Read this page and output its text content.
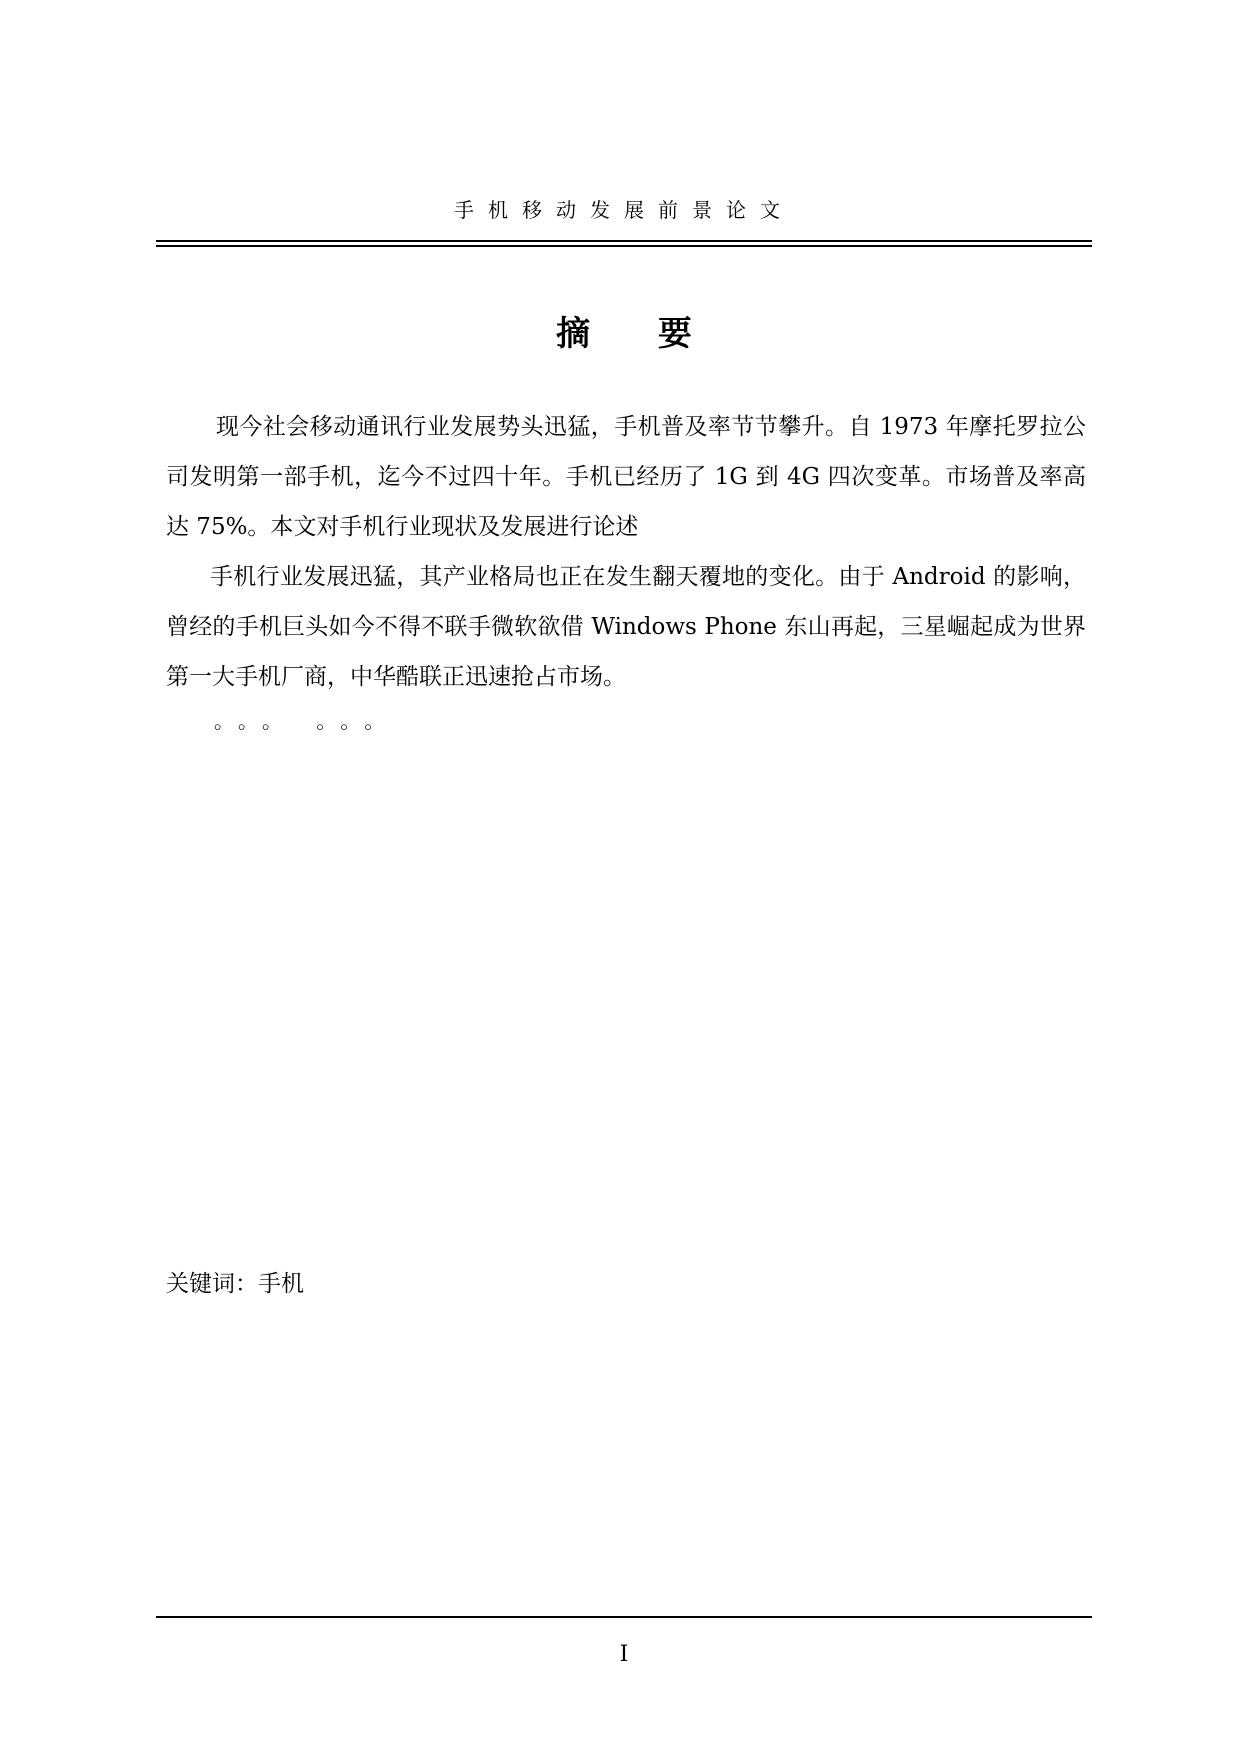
手机移动发展前景论文
摘 要

现今社会移动通讯行业发展势头迅猛，手机普及率节节攀升。自 1973 年摩托罗拉公司发明第一部手机，迄今不过四十年。手机已经历了 1G 到 4G 四次变革。市场普及率高达 75%。本文对手机行业现状及发展进行论述

手机行业发展迅猛，其产业格局也正在发生翻天覆地的变化。由于 Android 的影响，曾经的手机巨头如今不得不联手微软欲借 Windows Phone 东山再起，三星崛起成为世界第一大手机厂商，中华酷联正迅速抢占市场。

。。。 。。。
关键词：手机
I
